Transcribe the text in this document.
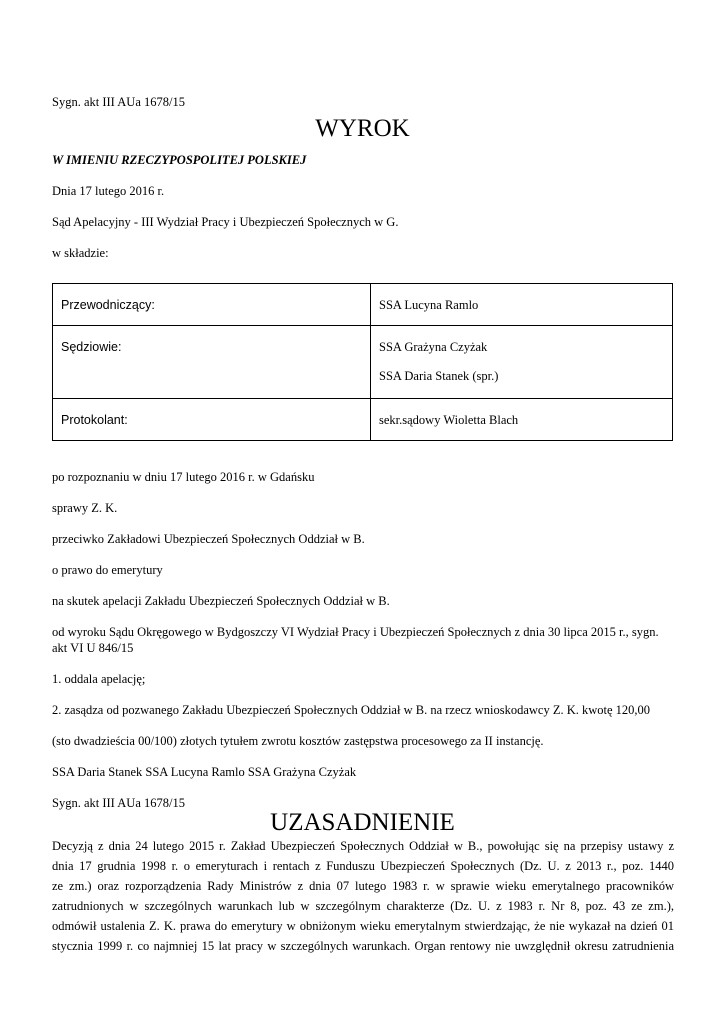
Sygn. akt III AUa 1678/15

WYROK

W IMIENIU RZECZYPOSPOLITEJ POLSKIEJ

Dnia 17 lutego 2016 r.

Sąd Apelacyjny - III Wydział Pracy i Ubezpieczeń Społecznych w G.

w składzie:

Przewodniczący:	SSA Lucyna Ramlo

Sędziowie:	SSA Grażyna Czyżak
SSA Daria Stanek (spr.)

Protokolant:	sekr.sądowy Wioletta Blach

po rozpoznaniu w dniu 17 lutego 2016 r. w Gdańsku

sprawy Z. K.

przeciwko Zakładowi Ubezpieczeń Społecznych Oddział w B.

o prawo do emerytury

na skutek apelacji Zakładu Ubezpieczeń Społecznych Oddział w B.

od wyroku Sądu Okręgowego w Bydgoszczy VI Wydział Pracy i Ubezpieczeń Społecznych z dnia 30 lipca 2015 r., sygn.

akt VI U 846/15

1. oddala apelację;

2. zasądza od pozwanego Zakładu Ubezpieczeń Społecznych Oddział w B. na rzecz wnioskodawcy Z. K. kwotę 120,00

(sto dwadzieścia 00/100) złotych tytułem zwrotu kosztów zastępstwa procesowego za II instancję.

SSA Daria Stanek SSA Lucyna Ramlo SSA Grażyna Czyżak

Sygn. akt III AUa 1678/15

UZASADNIENIE
Decyzją z dnia 24 lutego 2015 r. Zakład Ubezpieczeń Społecznych Oddział w B., powołując się na przepisy ustawy z
dnia 17 grudnia 1998 r. o emeryturach i rentach z Funduszu Ubezpieczeń Społecznych (Dz. U. z 2013 r., poz. 1440
ze zm.) oraz rozporządzenia Rady Ministrów z dnia 07 lutego 1983 r. w sprawie wieku emerytalnego pracowników
zatrudnionych w szczególnych warunkach lub w szczególnym charakterze (Dz. U. z 1983 r. Nr 8, poz. 43 ze zm.),
odmówił ustalenia Z. K. prawa do emerytury w obniżonym wieku emerytalnym stwierdzając, że nie wykazał na dzień 01
stycznia 1999 r. co najmniej 15 lat pracy w szczególnych warunkach. Organ rentowy nie uwzględnił okresu zatrudnienia
